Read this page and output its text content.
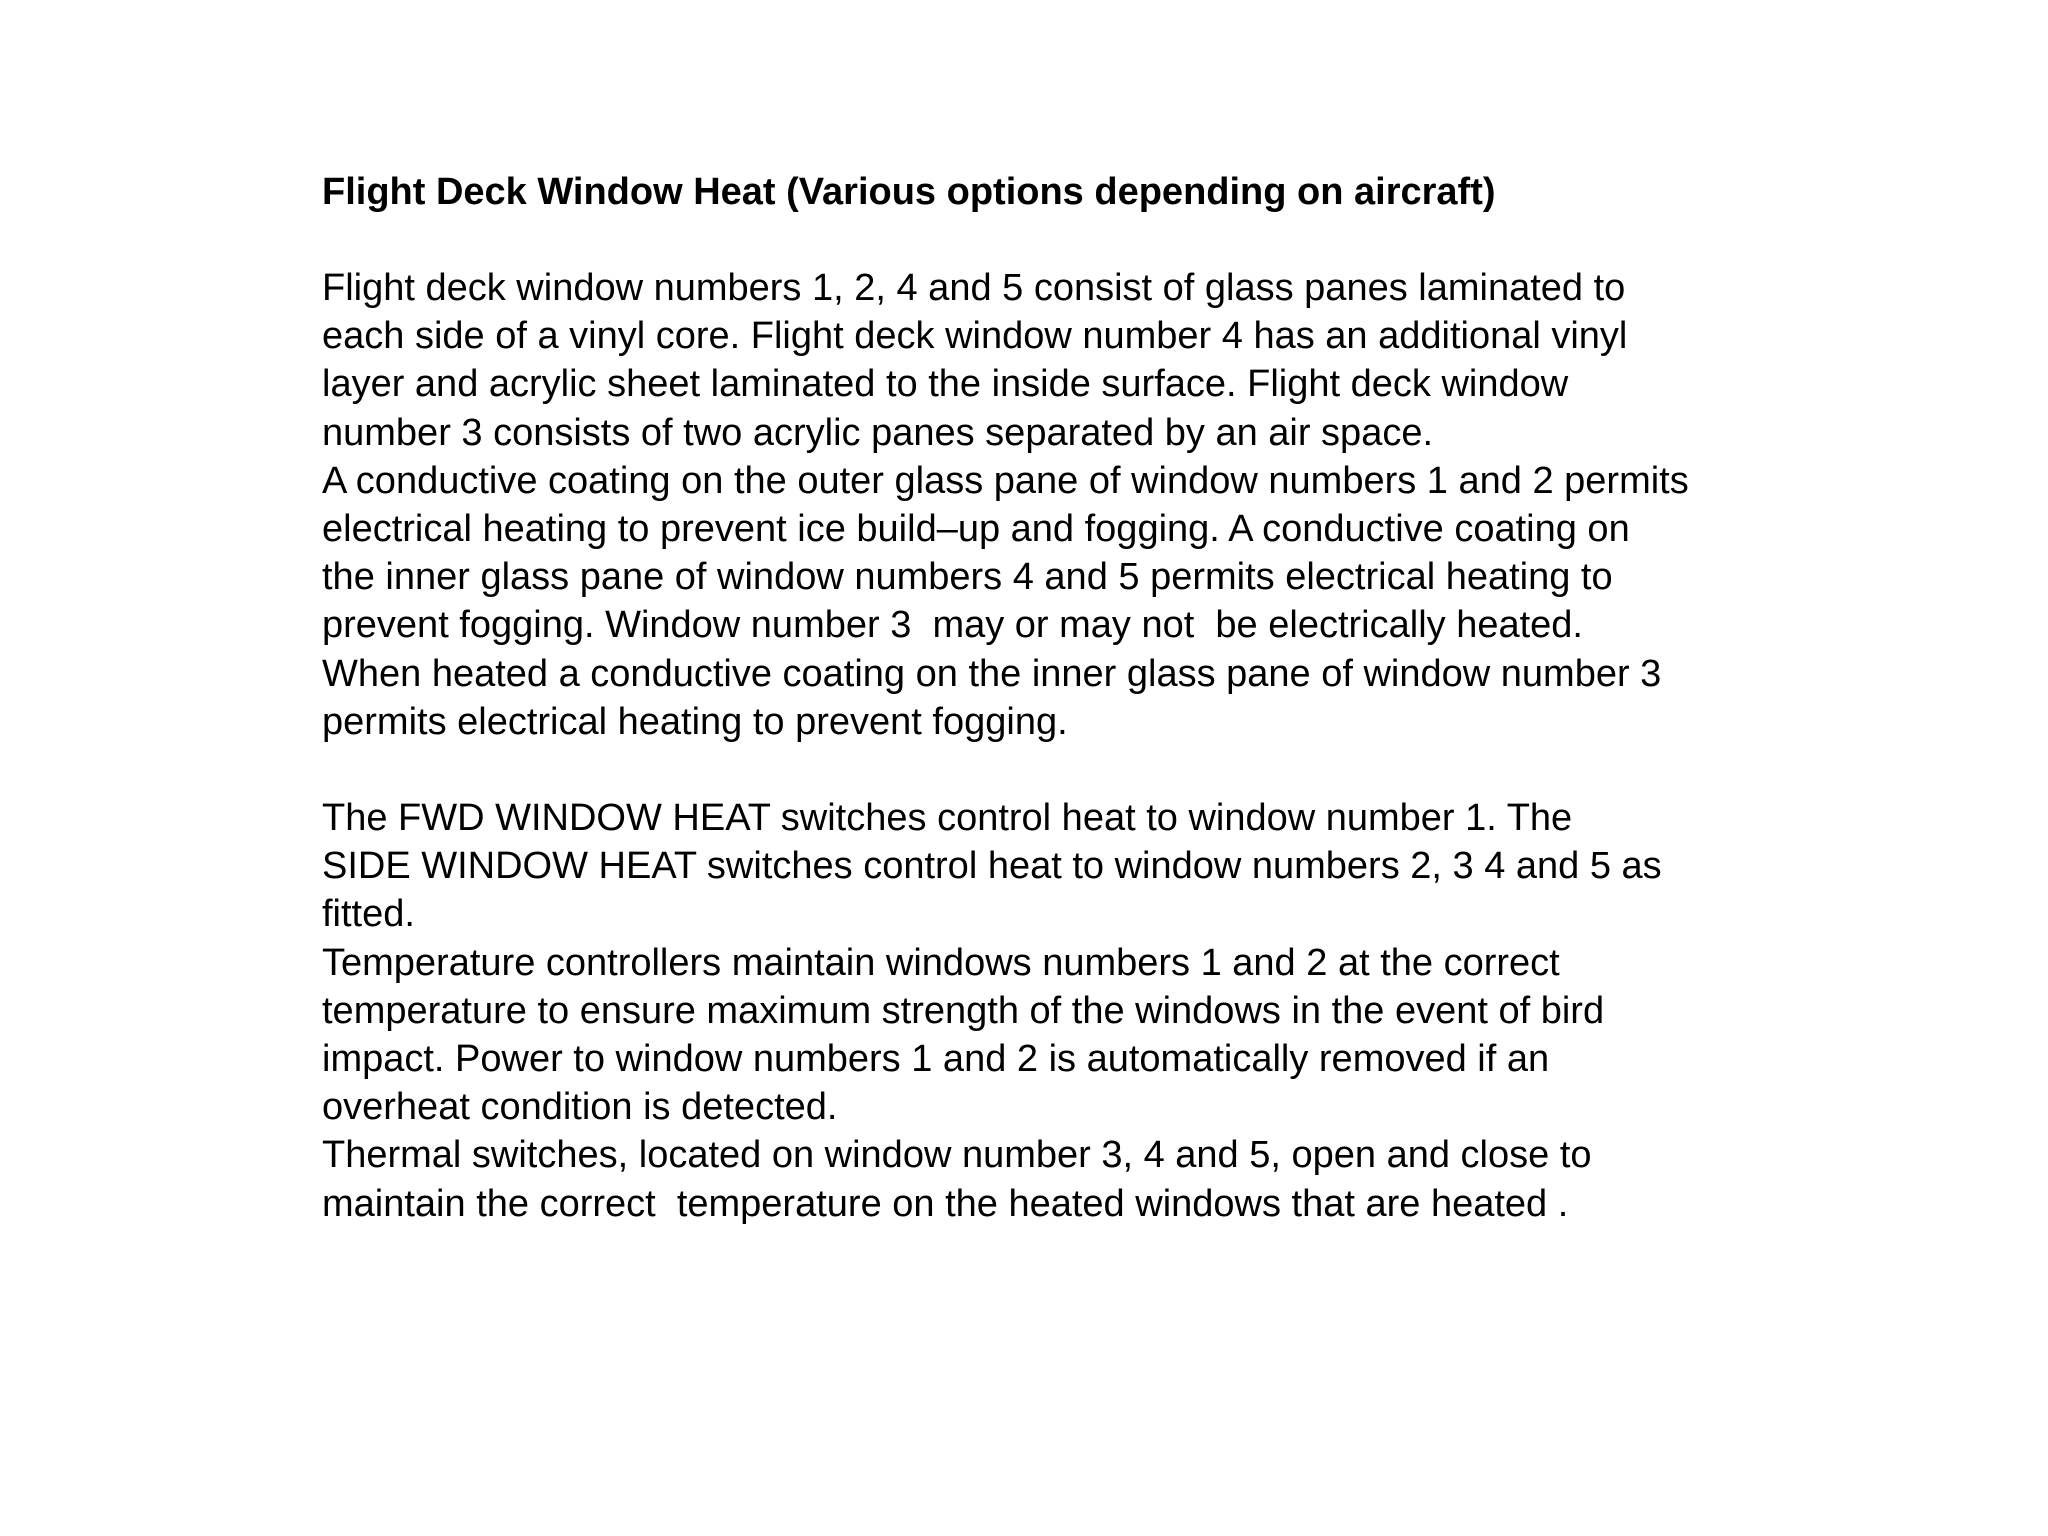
Flight Deck Window Heat (Various options depending on aircraft)

Flight deck window numbers 1, 2, 4 and 5 consist of glass panes laminated to

each side of a vinyl core. Flight deck window number 4 has an additional vinyl

layer and acrylic sheet laminated to the inside surface. Flight deck window

number 3 consists of two acrylic panes separated by an air space.

A conductive coating on the outer glass pane of window numbers 1 and 2 permits

electrical heating to prevent ice build–up and fogging. A conductive coating on

the inner glass pane of window numbers 4 and 5 permits electrical heating to

prevent fogging. Window number 3  may or may not  be electrically heated.

When heated a conductive coating on the inner glass pane of window number 3

permits electrical heating to prevent fogging.

The FWD WINDOW HEAT switches control heat to window number 1. The

SIDE WINDOW HEAT switches control heat to window numbers 2, 3 4 and 5 as

fitted.

Temperature controllers maintain windows numbers 1 and 2 at the correct

temperature to ensure maximum strength of the windows in the event of bird

impact. Power to window numbers 1 and 2 is automatically removed if an

overheat condition is detected.

Thermal switches, located on window number 3, 4 and 5, open and close to

maintain the correct  temperature on the heated windows that are heated .
